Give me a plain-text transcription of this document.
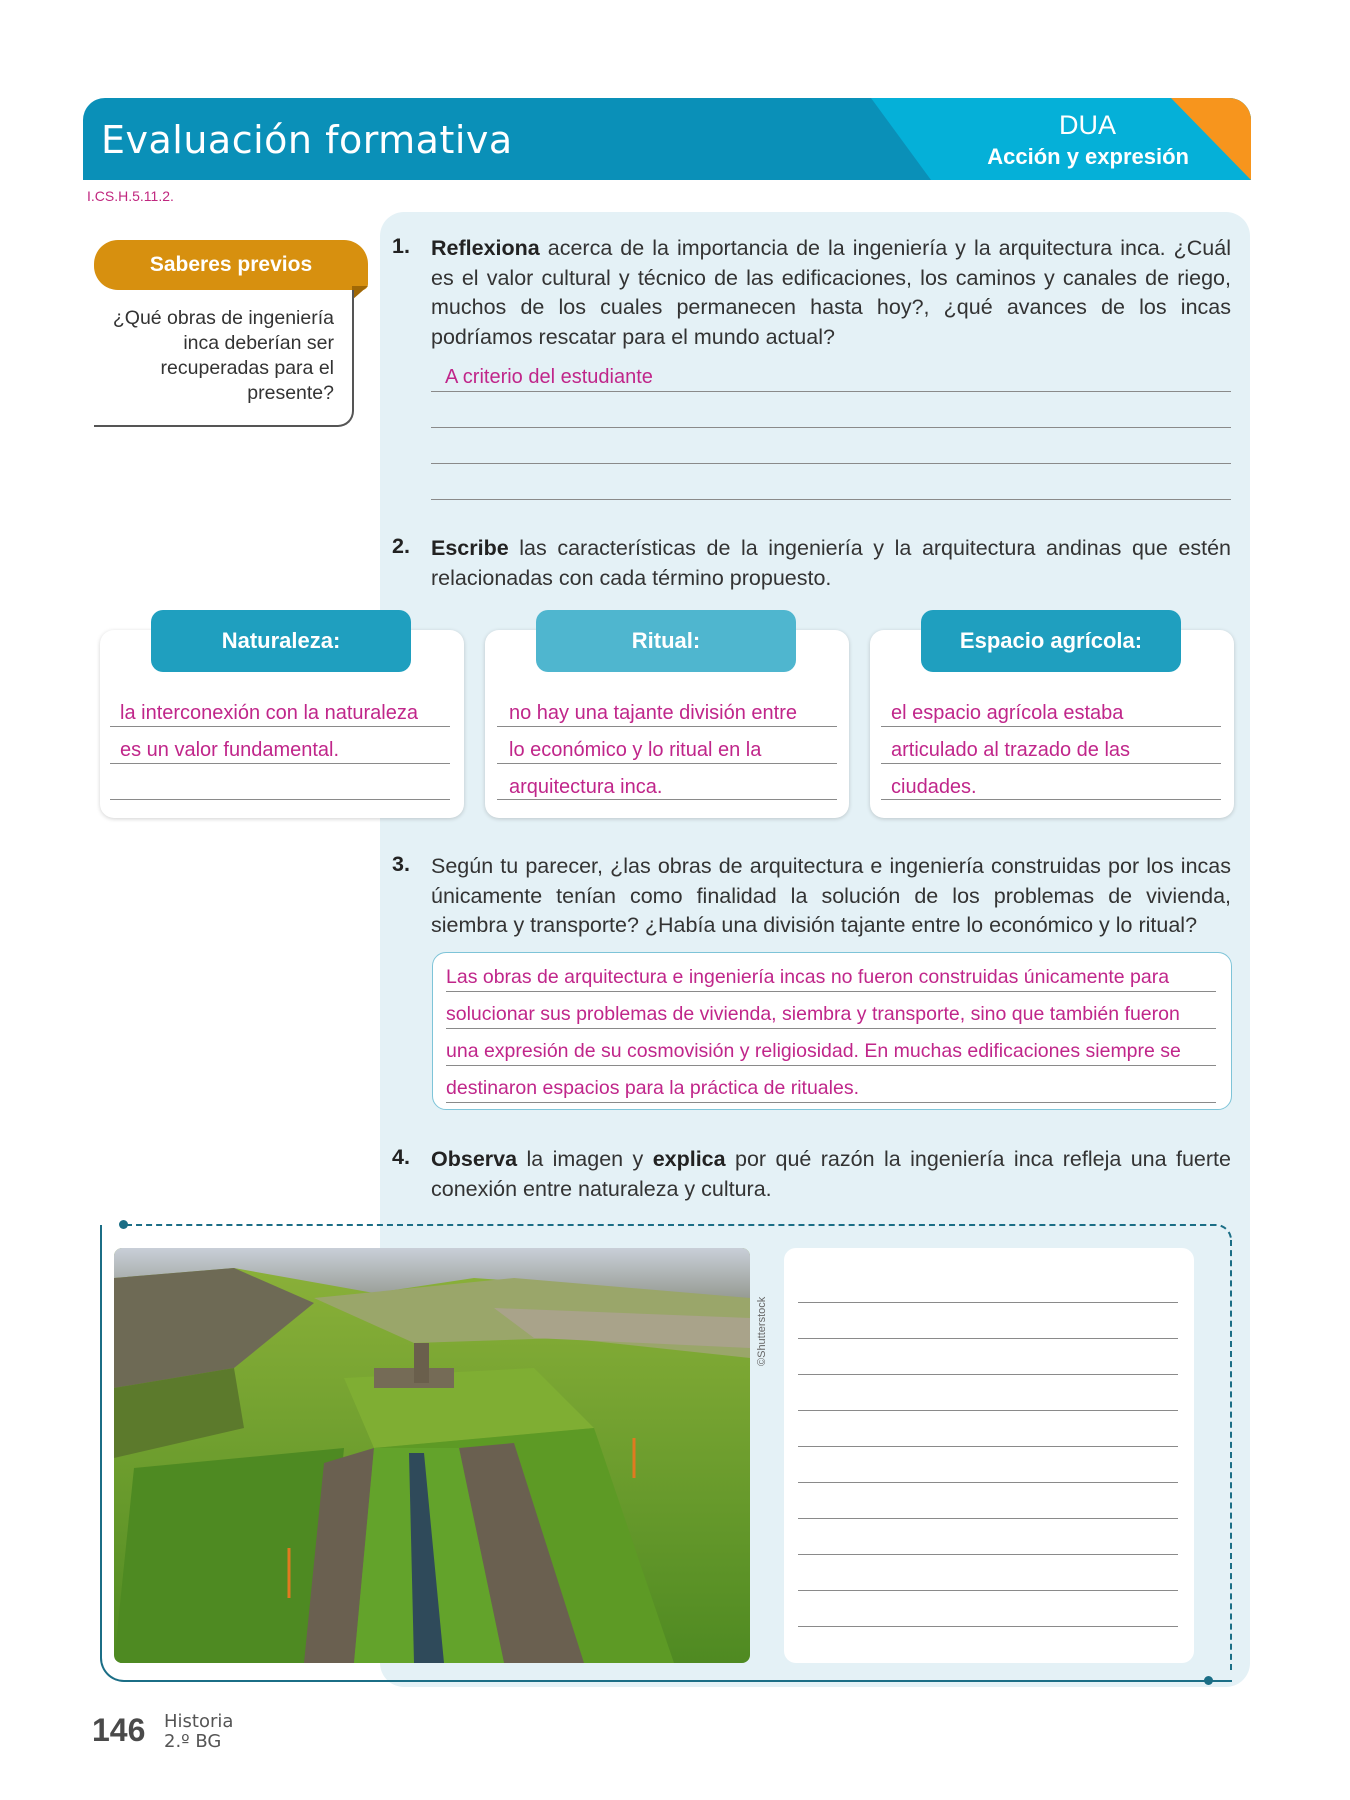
Evaluación formativa	DUA
Acción y expresión
I.CS.H.5.11.2.
Saberes previos
¿Qué obras de ingeniería inca deberían ser recuperadas para el presente?
1. Reflexiona acerca de la importancia de la ingeniería y la arquitectura inca. ¿Cuál es el valor cultural y técnico de las edificaciones, los caminos y canales de riego, muchos de los cuales permanecen hasta hoy?, ¿qué avances de los incas podríamos rescatar para el mundo actual?
A criterio del estudiante
2. Escribe las características de la ingeniería y la arquitectura andinas que estén relacionadas con cada término propuesto.
Naturaleza:
la interconexión con la naturaleza
es un valor fundamental.
Ritual:
no hay una tajante división entre
lo económico y lo ritual en la
arquitectura inca.
Espacio agrícola:
el espacio agrícola estaba
articulado al trazado de las
ciudades.
3. Según tu parecer, ¿las obras de arquitectura e ingeniería construidas por los incas únicamente tenían como finalidad la solución de los problemas de vivienda, siembra y transporte? ¿Había una división tajante entre lo económico y lo ritual?
Las obras de arquitectura e ingeniería incas no fueron construidas únicamente para
solucionar sus problemas de vivienda, siembra y transporte, sino que también fueron
una expresión de su cosmovisión y religiosidad. En muchas edificaciones siempre se
destinaron espacios para la práctica de rituales.
4. Observa la imagen y explica por qué razón la ingeniería inca refleja una fuerte conexión entre naturaleza y cultura.
©Shutterstock
146 Historia
2.º BG
